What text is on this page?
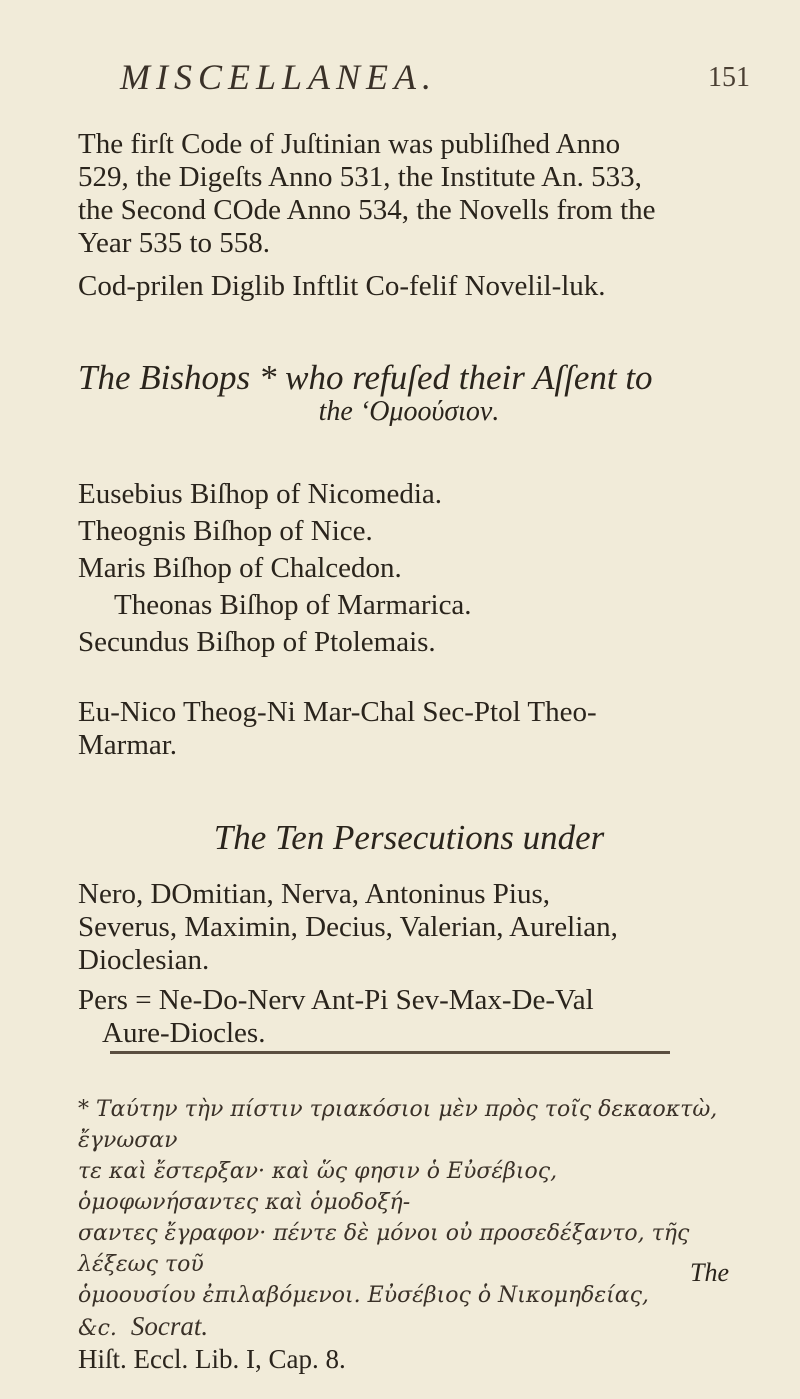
MISCELLANEA.	151

The firſt Code of Juſtinian was publiſhed Anno

529, the Digeſts Anno 531, the Institute An. 533,

the Second COde Anno 534, the Novells from the

Year 535 to 558.

Cod-prilen Diglib Inftlit Co-felif Novelil-luk.

The Bishops * who refuſed their Aſſent to

the ‘Ομοούσιον.

Eusebius Biſhop of Nicomedia.

Theognis Biſhop of Nice.

Maris Biſhop of Chalcedon.

Theonas Biſhop of Marmarica.

Secundus Biſhop of Ptolemais.

Eu-Nico Theog-Ni Mar-Chal Sec-Ptol Theo-

Marmar.

The Ten Persecutions under

Nero, DOmitian, Nerva, Antoninus Pius,

Severus, Maximin, Decius, Valerian, Aurelian,

Dioclesian.

Pers = Ne-Do-Nerv Ant-Pi Sev-Max-De-Val

Aure-Diocles.

* Ταύτην τὴν πίστιν τριακόσιοι μὲν πρὸς τοῖς δεκαοκτὼ, ἔγνωσαν

τε καὶ ἔστερξαν· καὶ ὥς φησιν ὁ Εὐσέβιος, ὁμοφωνήσαντες καὶ ὁμοδοξή-

σαντες ἔγραφον· πέντε δὲ μόνοι οὐ προσεδέξαντο, τῆς λέξεως τοῦ

ὁμοουσίου ἐπιλαβόμενοι. Εὐσέβιος ὁ Νικομηδείας, &c. Socrat.

Hiſt. Eccl. Lib. I, Cap. 8.

The
